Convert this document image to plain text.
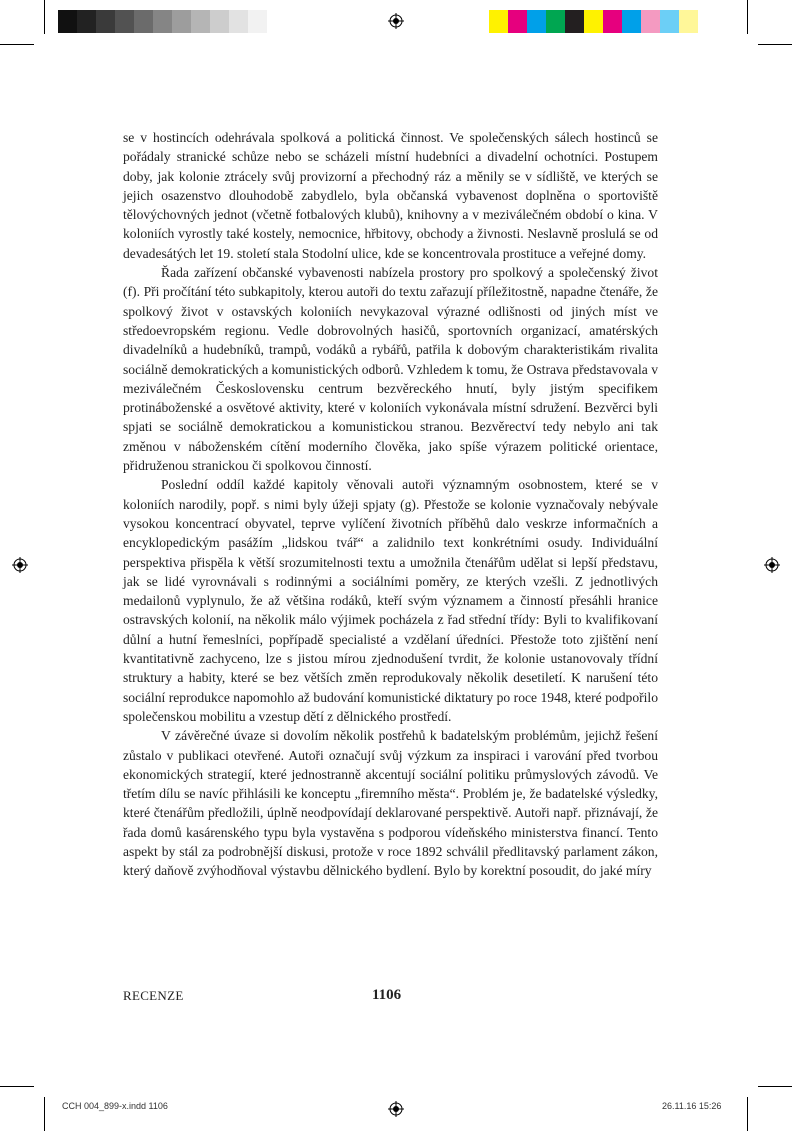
se v hostincích odehrávala spolková a politická činnost. Ve společenských sálech hostinců se pořádaly stranické schůze nebo se scházeli místní hudebníci a divadelní ochotníci. Postupem doby, jak kolonie ztrácely svůj provizorní a přechodný ráz a měnily se v sídliště, ve kterých se jejich osazenstvo dlouhodobě zabydlelo, byla občanská vybavenost doplněna o sportoviště tělovýchovných jednot (včetně fotbalových klubů), knihovny a v meziválečném období o kina. V koloniích vyrostly také kostely, nemocnice, hřbitovy, obchody a živnosti. Neslavně proslulá se od devadesátých let 19. století stala Stodolní ulice, kde se koncentrovala prostituce a veřejné domy.

Řada zařízení občanské vybavenosti nabízela prostory pro spolkový a společenský život (f). Při pročítání této subkapitoly, kterou autoři do textu zařazují příležitostně, napadne čtenáře, že spolkový život v ostavských koloniích nevykazoval výrazné odlišnosti od jiných míst ve středoevropském regionu. Vedle dobrovolných hasičů, sportovních organizací, amatérských divadelníků a hudebníků, trampů, vodáků a rybářů, patřila k dobovým charakteristikám rivalita sociálně demokratických a komunistických odborů. Vzhledem k tomu, že Ostrava představovala v meziválečném Československu centrum bezvěreckého hnutí, byly jistým specifikem protináboženské a osvětové aktivity, které v koloniích vykonávala místní sdružení. Bezvěrci byli spjati se sociálně demokratickou a komunistickou stranou. Bezvěrectví tedy nebylo ani tak změnou v náboženském cítění moderního člověka, jako spíše výrazem politické orientace, přidruženou stranickou či spolkovou činností.

Poslední oddíl každé kapitoly věnovali autoři významným osobnostem, které se v koloniích narodily, popř. s nimi byly úžeji spjaty (g). Přestože se kolonie vyznačovaly nebývale vysokou koncentrací obyvatel, teprve vylíčení životních příběhů dalo veskrze informačních a encyklopedickým pasážím „lidskou tvář“ a zalidnilo text konkrétními osudy. Individuální perspektiva přispěla k větší srozumitelnosti textu a umožnila čtenářům udělat si lepší představu, jak se lidé vyrovnávali s rodinnými a sociálními poměry, ze kterých vzešli. Z jednotlivých medailonů vyplynulo, že až většina rodáků, kteří svým významem a činností přesáhli hranice ostravských kolonií, na několik málo výjimek pocházela z řad střední třídy: Byli to kvalifikovaní důlní a hutní řemeslníci, popřípadě specialisté a vzdělaní úředníci. Přestože toto zjištění není kvantitativně zachyceno, lze s jistou mírou zjednodušení tvrdit, že kolonie ustanovovaly třídní struktury a habity, které se bez větších změn reprodukovaly několik desetiletí. K narušení této sociální reprodukce napomohlo až budování komunistické diktatury po roce 1948, které podpořilo společenskou mobilitu a vzestup dětí z dělnického prostředí.

V závěrečné úvaze si dovolím několik postřehů k badatelským problémům, jejichž řešení zůstalo v publikaci otevřené. Autoři označují svůj výzkum za inspiraci i varování před tvorbou ekonomických strategií, které jednostranně akcentují sociální politiku průmyslových závodů. Ve třetím dílu se navíc přihlásili ke konceptu „firemního města“. Problém je, že badatelské výsledky, které čtenářům předložili, úplně neodpovídají deklarované perspektivě. Autoři např. přiznávají, že řada domů kasárenského typu byla vystavěna s podporou vídeňského ministerstva financí. Tento aspekt by stál za podrobnější diskusi, protože v roce 1892 schválil předlitavský parlament zákon, který daňově zvýhodňoval výstavbu dělnického bydlení. Bylo by korektní posoudit, do jaké míry

RECENZE	1106
CCH 004_899-x.indd 1106	26.11.16 15:26
